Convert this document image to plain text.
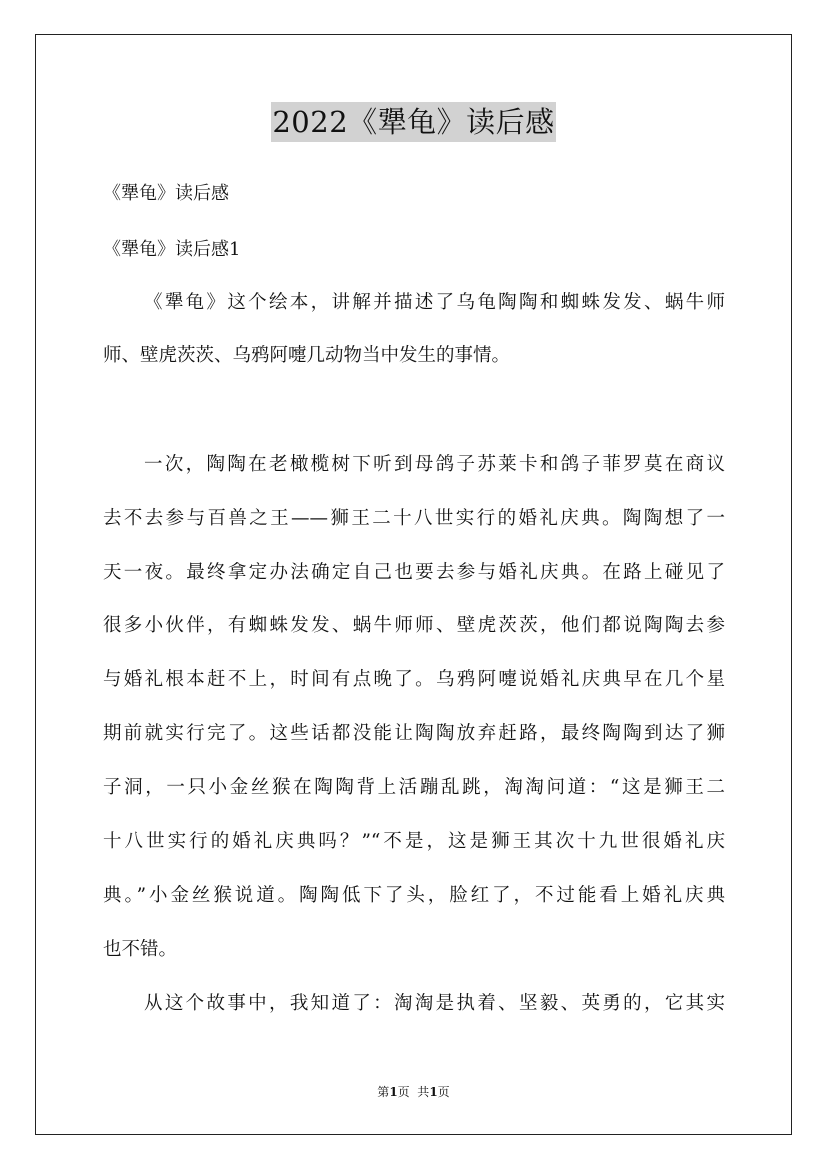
2022《犟龟》读后感
《犟龟》读后感
《犟龟》读后感1
《犟龟》这个绘本，讲解并描述了乌龟陶陶和蜘蛛发发、蜗牛师
师、壁虎茨茨、乌鸦阿嚏几动物当中发生的事情。
一次，陶陶在老橄榄树下听到母鸽子苏莱卡和鸽子菲罗莫在商议
去不去参与百兽之王——狮王二十八世实行的婚礼庆典。陶陶想了一
天一夜。最终拿定办法确定自己也要去参与婚礼庆典。在路上碰见了
很多小伙伴，有蜘蛛发发、蜗牛师师、壁虎茨茨，他们都说陶陶去参
与婚礼根本赶不上，时间有点晚了。乌鸦阿嚏说婚礼庆典早在几个星
期前就实行完了。这些话都没能让陶陶放弃赶路，最终陶陶到达了狮
子洞，一只小金丝猴在陶陶背上活蹦乱跳，淘淘问道：“这是狮王二
十八世实行的婚礼庆典吗？”“不是，这是狮王其次十九世很婚礼庆
典。”小金丝猴说道。陶陶低下了头，脸红了，不过能看上婚礼庆典
也不错。
从这个故事中，我知道了：淘淘是执着、坚毅、英勇的，它其实
第1页  共1页
